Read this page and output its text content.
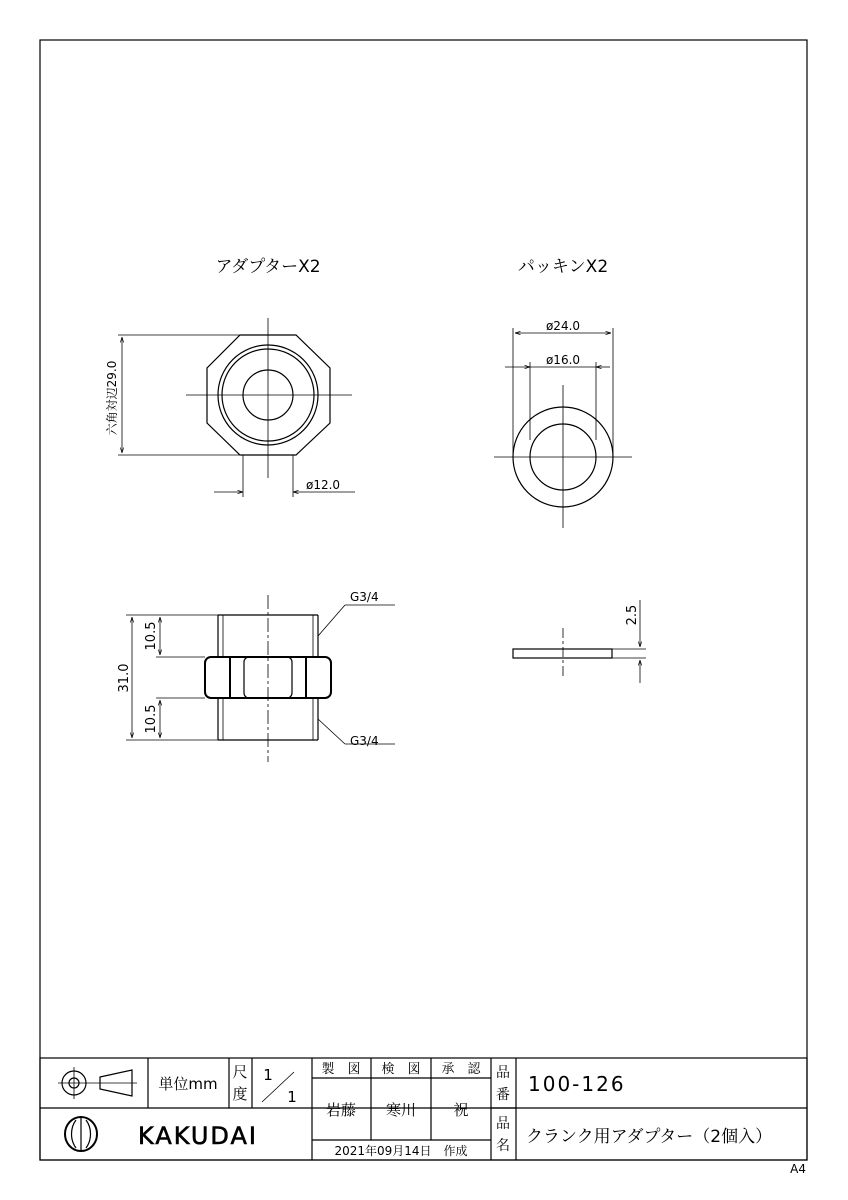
アダプターX2
六角対辺29.0
ø12.0
パッキンX2
ø24.0
ø16.0
31.0
10.5
10.5
G3/4
G3/4
2.5
単位mm
尺
度
1
1
製　図 検　図 承　認
岩藤 寒川 祝
品
番 100-126
品
名 クランク用アダプター（2個入）
2021年09月14日　作成
KAKUDAI
A4
